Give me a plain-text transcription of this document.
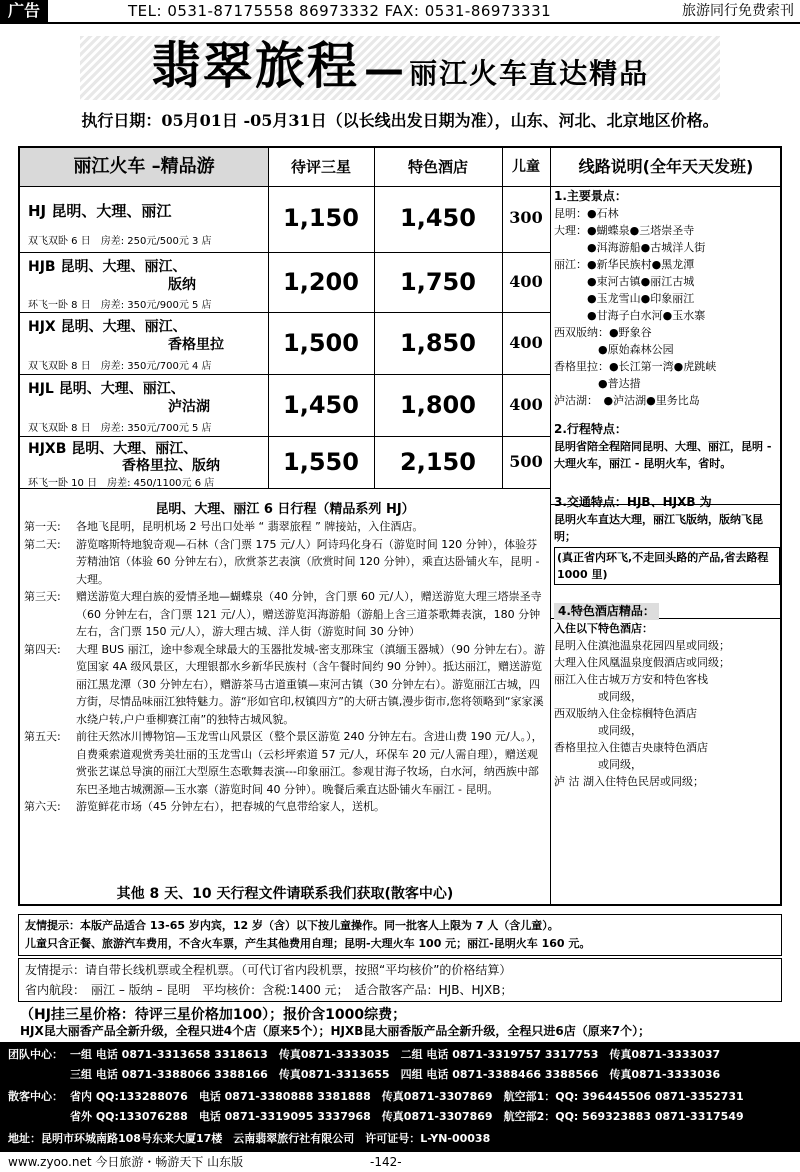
广告	TEL: 0531-87175558 86973332 FAX: 0531-86973331	旅游同行免费索刊
翡翠旅程 — 丽江火车直达精品
执行日期：05月01日 -05月31日（以长线出发日期为准），山东、河北、北京地区价格。
丽江火车 –精品游	待评三星	特色酒店	儿童	线路说明(全年天天发班)
HJ 昆明、大理、丽江
双飞双卧 6 日　 房差: 250元/500元 3 店
1,150	1,450	300
HJB 昆明、大理、丽江、
版纳
环飞一卧 8 日　 房差: 350元/900元 5 店
1,200	1,750	400
HJX 昆明、大理、丽江、
香格里拉
双飞双卧 8 日　 房差: 350元/700元 4 店
1,500	1,850	400
HJL 昆明、大理、丽江、
泸沽湖
双飞双卧 8 日　 房差: 350元/700元 5 店
1,450	1,800	400
HJXB 昆明、大理、丽江、
香格里拉、版纳
环飞一卧 10 日　 房差: 450/1100元 6 店
1,550	2,150	500
昆明、大理、丽江 6 日行程（精品系列 HJ）
第一天:	各地飞昆明，昆明机场 2 号出口处举 “ 翡翠旅程 ” 牌接站，入住酒店。
第二天:	游览喀斯特地貌奇观—石林（含门票 175 元/人）阿诗玛化身石（游览时间 120 分钟），体验芬芳精油馆（体验 60 分钟左右），欣赏茶艺表演（欣赏时间 120 分钟），乘直达卧铺火车，昆明 - 大理。
第三天:	赠送游览大理白族的爱情圣地—蝴蝶泉（40 分钟，含门票 60 元/人），赠送游览大理三塔崇圣寺（60 分钟左右，含门票 121 元/人），赠送游览洱海游船（游船上含三道茶歌舞表演，180 分钟左右，含门票 150 元/人），游大理古城、洋人街（游览时间 30 分钟）
第四天:	大理 BUS 丽江，途中参观全球最大的玉器批发城-密支那珠宝（滇缅玉器城）（90 分钟左右）。游览国家 4A 级风景区，大理银都水乡新华民族村（含午餐时间约 90 分钟）。抵达丽江，赠送游览丽江黑龙潭（30 分钟左右），赠游茶马古道重镇—束河古镇（30 分钟左右）。游览丽江古城，四方街，尽情品味丽江独特魅力。游“形如官印,权镇四方”的大研古镇,漫步街市,您将领略到“家家溪水绕户转,户户垂柳赛江南”的独特古城风貌。
第五天:	前往天然冰川博物馆—玉龙雪山风景区（整个景区游览 240 分钟左右。含进山费 190 元/人。），自费乘索道观赏秀美壮丽的玉龙雪山（云杉坪索道 57 元/人，环保车 20 元/人需自理），赠送观赏张艺谋总导演的丽江大型原生态歌舞表演---印象丽江。参观甘海子牧场，白水河，纳西族中部东巴圣地古城溯源—玉水寨（游览时间 40 分钟）。晚餐后乘直达卧铺火车丽江 - 昆明。
第六天:	游览鲜花市场（45 分钟左右），把春城的气息带给家人，送机。
其他 8 天、10 天行程文件请联系我们获取(散客中心)
1.主要景点：
昆明：●石林
大理：●蝴蝶泉●三塔崇圣寺
　　　●洱海游船●古城洋人街
丽江：●新华民族村●黑龙潭
　　　●束河古镇●丽江古城
　　　●玉龙雪山●印象丽江
　　　●甘海子白水河●玉水寨
西双版纳：●野象谷
　　　　●原始森林公园
香格里拉：●长江第一湾●虎跳峡
　　　　●普达措
泸沽湖：　●泸沽湖●里务比岛
2.行程特点：
昆明省陪全程陪同昆明、大理、丽江，昆明 - 大理火车，丽江 - 昆明火车，省时。
3.交通特点：HJB、HJXB 为
昆明火车直达大理，丽江飞版纳，版纳飞昆明；
(真正省内环飞,不走回头路的产品,省去路程 1000 里)
4.特色酒店精品：
入住以下特色酒店：
昆明入住滇池温泉花园四星或同级；
大理入住风凰温泉度假酒店或同级；
丽江入住古城万方安和特色客栈
　　　　或同级，
西双版纳入住金棕榈特色酒店
　　　　或同级，
香格里拉入住德吉央康特色酒店
　　　　或同级，
泸 沽 湖入住特色民居或同级；
友情提示：本版产品适合 13-65 岁内宾，12 岁（含）以下按儿童操作。同一批客人上限为 7 人（含儿童）。
儿童只含正餐、旅游汽车费用，不含火车票，产生其他费用自理；昆明-大理火车 100 元；丽江-昆明火车 160 元。
友情提示：请自带长线机票或全程机票。（可代订省内段机票，按照“平均核价”的价格结算）
省内航段：　丽江 – 版纳 – 昆明　平均核价：含税:1400 元；　适合散客产品：HJB、HJXB；
（HJ挂三星价格：待评三星价格加100）；报价含1000综费；
HJX昆大丽香产品全新升级，全程只进4个店（原来5个）；HJXB昆大丽香版产品全新升级，全程只进6店（原来7个）；
团队中心： 一组 电话 0871-3313658 3318613　传真0871-3333035　二组 电话 0871-3319757 3317753　传真0871-3333037
三组 电话 0871-3388066 3388166　传真0871-3313655　四组 电话 0871-3388466 3388566　传真0871-3333036
散客中心： 省内 QQ:133288076　电话 0871-3380888 3381888　传真0871-3307869　航空部1：QQ: 396445506 0871-3352731
省外 QQ:133076288　电话 0871-3319095 3337968　传真0871-3307869　航空部2：QQ: 569323883 0871-3317549
地址：昆明市环城南路108号东来大厦17楼　云南翡翠旅行社有限公司　许可证号：L-YN-00038
www.zyoo.net 今日旅游・畅游天下 山东版	-142-
